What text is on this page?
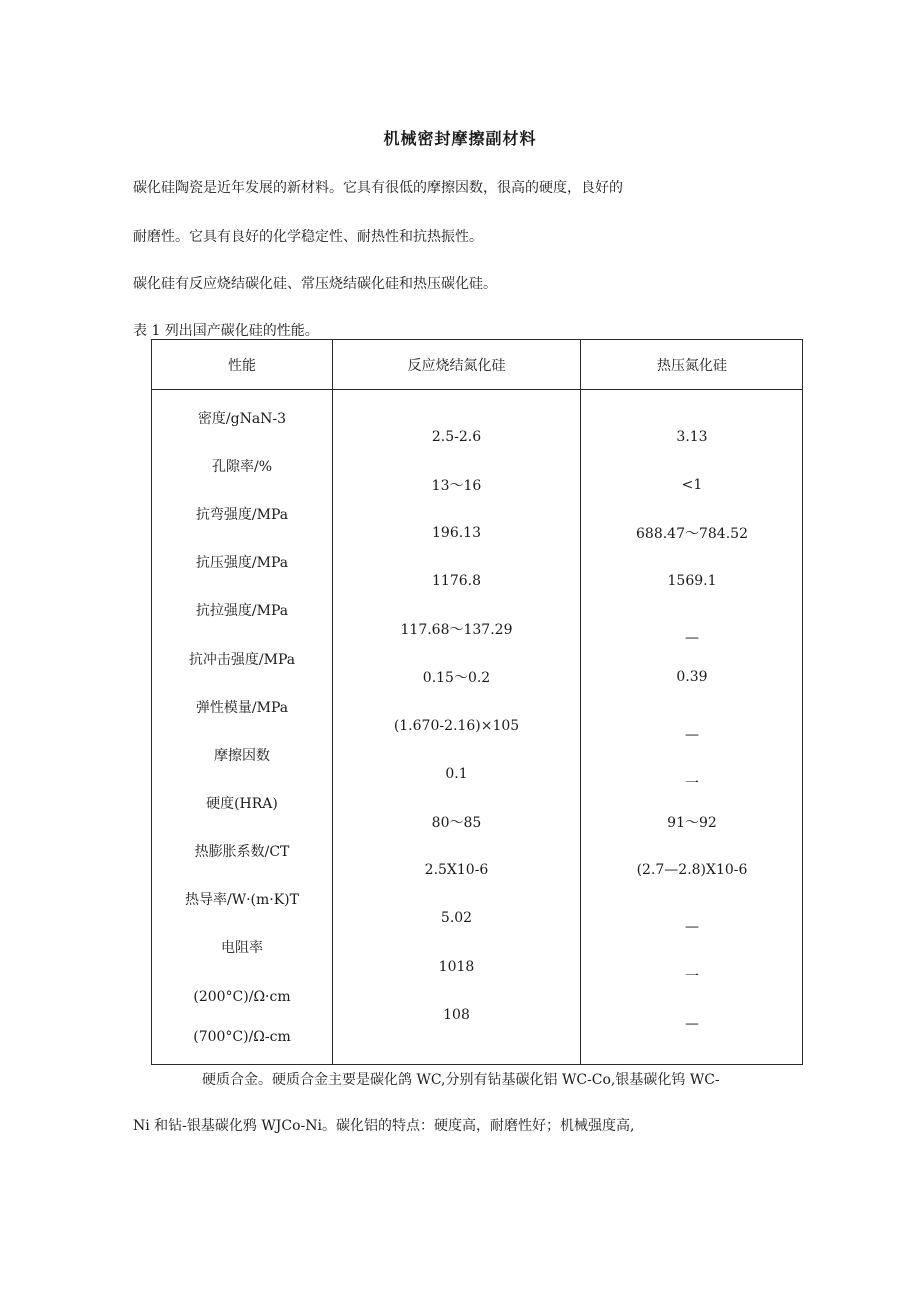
机械密封摩擦副材料
碳化硅陶瓷是近年发展的新材料。它具有很低的摩擦因数，很高的硬度，良好的
耐磨性。它具有良好的化学稳定性、耐热性和抗热振性。
碳化硅有反应烧结碳化硅、常压烧结碳化硅和热压碳化硅。
表 1 列出国产碳化硅的性能。
性能	反应烧结氮化硅	热压氮化硅
密度/gNaN-3
孔隙率/%
抗弯强度/MPa
抗压强度/MPa
抗拉强度/MPa
抗冲击强度/MPa
弹性模量/MPa
摩擦因数
硬度(HRA)
热膨胀系数/CT
热导率/W·(m·K)T
电阻率
(200°C)/Ω·cm
(700°C)/Ω-cm
2.5-2.6
13～16
196.13
1176.8
117.68～137.29
0.15～0.2
(1.670-2.16)×105
0.1
80～85
2.5X10-6
5.02
1018
108
3.13
<1
688.47～784.52
1569.1
—
0.39
—
一
91～92
(2.7—2.8)X10-6
—
一
—
硬质合金。硬质合金主要是碳化鸽 WC,分别有钻基碳化铝 WC-Co,银基碳化钨 WC-
Ni 和钻-银基碳化鸦 WJCo-Ni。碳化铝的特点：硬度高，耐磨性好；机械强度高,
